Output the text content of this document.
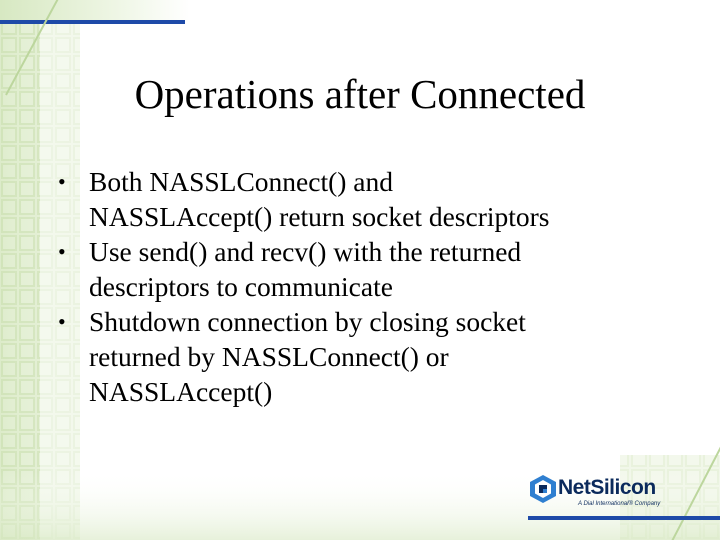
Operations after Connected
• Both NASSLConnect() and
NASSLAccept() return socket descriptors
• Use send() and recv() with the returned
descriptors to communicate
• Shutdown connection by closing socket
returned by NASSLConnect() or
NASSLAccept()
NetSilicon
A Dial International® Company
